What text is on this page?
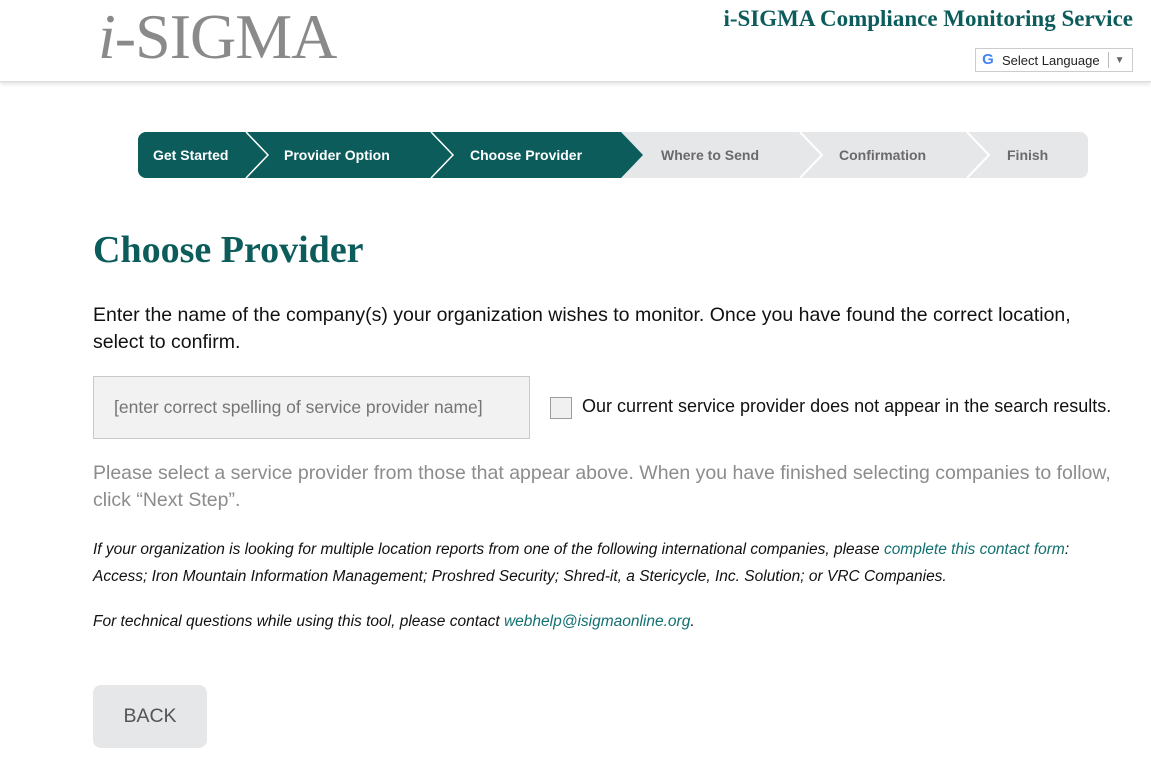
i-SIGMA	i-SIGMA Compliance Monitoring Service
G Select Language ▼
Get Started	Provider Option	Choose Provider	Where to Send	Confirmation	Finish
Choose Provider

Enter the name of the company(s) your organization wishes to monitor. Once you have found the correct location, select to confirm.

[enter correct spelling of service provider name]
Our current service provider does not appear in the search results.

Please select a service provider from those that appear above. When you have finished selecting companies to follow, click “Next Step”.

If your organization is looking for multiple location reports from one of the following international companies, please complete this contact form: Access; Iron Mountain Information Management; Proshred Security; Shred-it, a Stericycle, Inc. Solution; or VRC Companies.

For technical questions while using this tool, please contact webhelp@isigmaonline.org.

BACK
